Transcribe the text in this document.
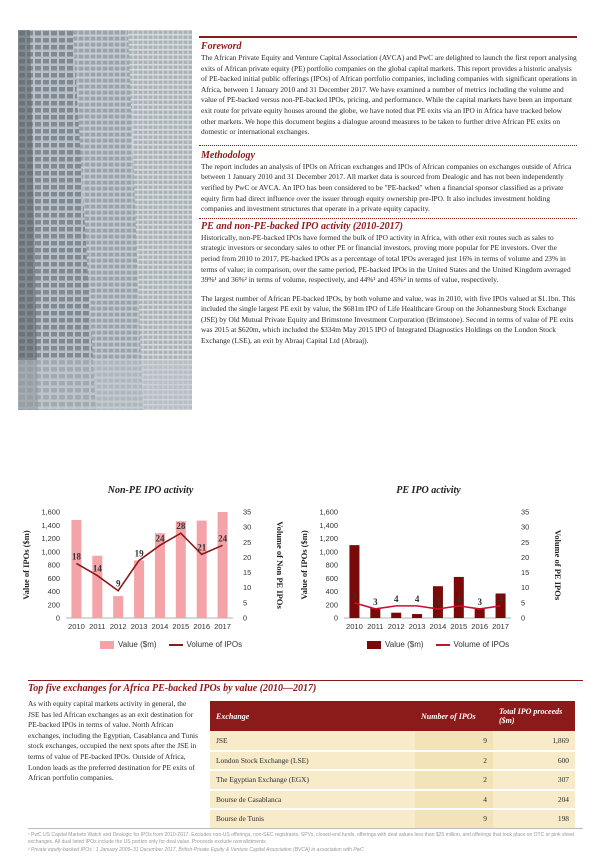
Foreword

The African Private Equity and Venture Capital Association (AVCA) and PwC are delighted to launch the first report analysing exits of African private equity (PE) portfolio companies on the global capital markets. This report provides a historic analysis of PE-backed initial public offerings (IPOs) of African portfolio companies, including companies with significant operations in Africa, between 1 January 2010 and 31 December 2017. We have examined a number of metrics including the volume and value of PE-backed versus non-PE-backed IPOs, pricing, and performance. While the capital markets have been an important exit route for private equity houses around the globe, we have noted that PE exits via an IPO in Africa have tracked below other markets. We hope this document begins a dialogue around measures to be taken to further drive African PE exits on domestic or international exchanges.

Methodology

The report includes an analysis of IPOs on African exchanges and IPOs of African companies on exchanges outside of Africa between 1 January 2010 and 31 December 2017. All market data is sourced from Dealogic and has not been independently verified by PwC or AVCA. An IPO has been considered to be "PE-backed" when a financial sponsor classified as a private equity firm had direct influence over the issuer through equity ownership pre-IPO. It also includes investment holding companies and investment structures that operate in a private equity capacity.

PE and non-PE-backed IPO activity (2010-2017)

Historically, non-PE-backed IPOs have formed the bulk of IPO activity in Africa, with other exit routes such as sales to strategic investors or secondary sales to other PE or financial investors, proving more popular for PE investors. Over the period from 2010 to 2017, PE-backed IPOs as a percentage of total IPOs averaged just 16% in terms of volume and 23% in terms of value; in comparison, over the same period, PE-backed IPOs in the United States and the United Kingdom averaged 39%¹ and 36%² in terms of volume, respectively, and 44%¹ and 45%² in terms of value, respectively.

The largest number of African PE-backed IPOs, by both volume and value, was in 2010, with five IPOs valued at $1.1bn. This included the single largest PE exit by value, the $681m IPO of Life Healthcare Group on the Johannesburg Stock Exchange (JSE) by Old Mutual Private Equity and Brimstone Investment Corporation (Brimstone). Second in terms of value of PE exits was 2015 at $620m, which included the $334m May 2015 IPO of Integrated Diagnostics Holdings on the London Stock Exchange (LSE), an exit by Abraaj Capital Ltd (Abraaj).

Non-PE IPO activity
0
200
400
600
800
1,000
1,200
1,400
1,600
0
5
10
15
20
25
30
35
Value of IPOs ($m)	Volume of Non PE IPOs
2010 2011 2012 2013 2014 2015 2016 2017
18
14
9
19
24
28
21
24
PE IPO activity
0
200
400
600
800
1,000
1,200
1,400
1,600
0
5
10
15
20
25
30
35
Value of IPOs ($m)	Volume of PE IPOs
2010 2011 2012 2013 2014 2015 2016 2017
5
3 4 4 3 4 3 4
Value ($m)	Volume of IPOs	Value ($m)	Volume of IPOs
Top five exchanges for Africa PE-backed IPOs by value (2010—2017)
As with equity capital markets activity in general, the JSE has led African exchanges as an exit destination for PE-backed IPOs in terms of value. North African exchanges, including the Egyptian, Casablanca and Tunis stock exchanges, occupied the next spots after the JSE in terms of value of PE-backed IPOs. Outside of Africa, London leads as the preferred destination for PE exits of African portfolio companies.
Exchange	Number of IPOs	Total IPO proceeds ($m)
JSE	9	1,869
London Stock Exchange (LSE)	2	600
The Egyptian Exchange (EGX)	2	307
Bourse de Casablanca	4	204
Bourse de Tunis	9	198
¹ PwC US Capital Markets Watch and Dealogic for IPOs from 2010-2017. Excludes non-US offerings, non-SEC registrants, SPVs, closed-end funds, offerings with deal values less than $25 million, and offerings that took place on OTC or pink sheet exchanges. All dual listed IPOs include the US portion only for deal value. Proceeds exclude overallotments.
² Private equity-backed IPOs : 1 January 2009–31 December 2017, British Private Equity & Venture Capital Association (BVCA) in association with PwC
